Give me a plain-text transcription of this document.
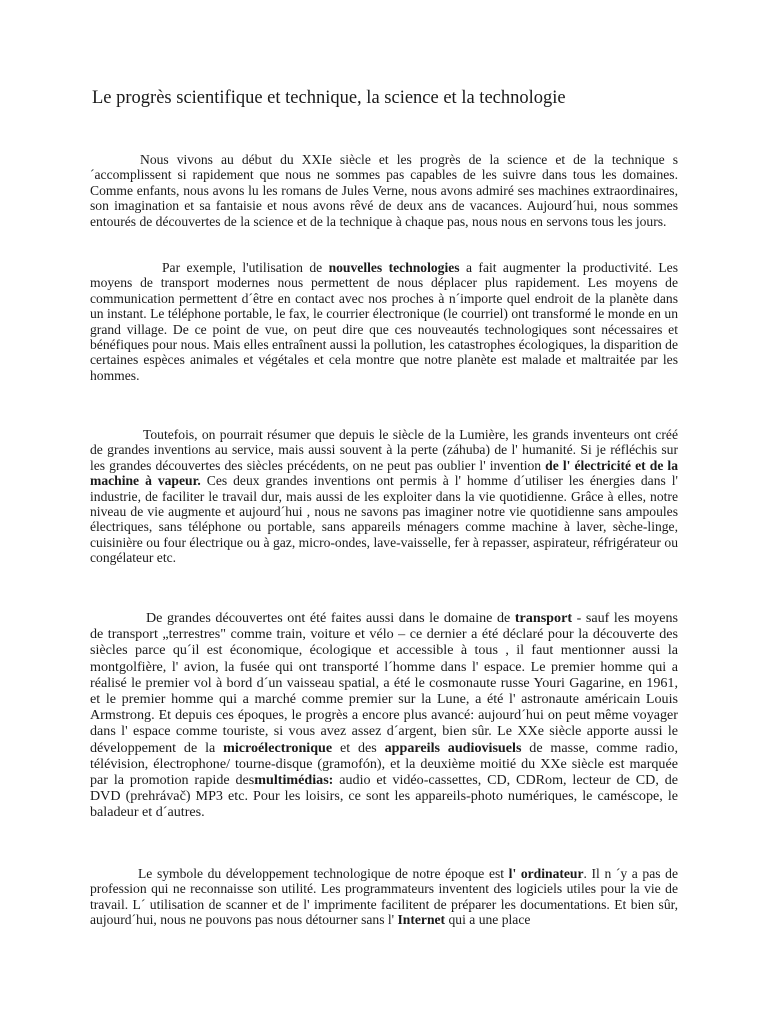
Le progrès scientifique et technique, la science et la technologie

Nous vivons au début du XXIe siècle et les progrès de la science et de la technique s´accomplissent si rapidement que nous ne sommes pas capables de les suivre dans tous les domaines. Comme enfants, nous avons lu les romans de Jules Verne, nous avons admiré ses machines extraordinaires, son imagination et sa fantaisie et nous avons rêvé de deux ans de vacances. Aujourd´hui, nous sommes entourés de découvertes de la science et de la technique à chaque pas, nous nous en servons tous les jours.

Par exemple, l'utilisation de nouvelles technologies a fait augmenter la productivité. Les moyens de transport modernes nous permettent de nous déplacer plus rapidement. Les moyens de communication permettent d´être en contact avec nos proches à n´importe quel endroit de la planète dans un instant. Le téléphone portable, le fax, le courrier électronique (le courriel) ont transformé le monde en un grand village. De ce point de vue, on peut dire que ces nouveautés technologiques sont nécessaires et bénéfiques pour nous. Mais elles entraînent aussi la pollution, les catastrophes écologiques, la disparition de certaines espèces animales et végétales et cela montre que notre planète est malade et maltraitée par les hommes.

Toutefois, on pourrait résumer que depuis le siècle de la Lumière, les grands inventeurs ont créé de grandes inventions au service, mais aussi souvent à la perte (záhuba) de l' humanité. Si je réfléchis sur les grandes découvertes des siècles précédents, on ne peut pas oublier l' invention de l' électricité et de la machine à vapeur. Ces deux grandes inventions ont permis à l' homme d´utiliser les énergies dans l' industrie, de faciliter le travail dur, mais aussi de les exploiter dans la vie quotidienne. Grâce à elles, notre niveau de vie augmente et aujourd´hui , nous ne savons pas imaginer notre vie quotidienne sans ampoules électriques, sans téléphone ou portable, sans appareils ménagers comme machine à laver, sèche-linge, cuisinière ou four électrique ou à gaz, micro-ondes, lave-vaisselle, fer à repasser, aspirateur, réfrigérateur ou congélateur etc.

De grandes découvertes ont été faites aussi dans le domaine de transport - sauf les moyens de transport „terrestres" comme train, voiture et vélo – ce dernier a été déclaré pour la découverte des siècles parce qu´il est économique, écologique et accessible à tous , il faut mentionner aussi la montgolfière, l' avion, la fusée qui ont transporté l´homme dans l' espace. Le premier homme qui a réalisé le premier vol à bord d´un vaisseau spatial, a été le cosmonaute russe Youri Gagarine, en 1961, et le premier homme qui a marché comme premier sur la Lune, a été l' astronaute américain Louis Armstrong. Et depuis ces époques, le progrès a encore plus avancé: aujourd´hui on peut même voyager dans l' espace comme touriste, si vous avez assez d´argent, bien sûr. Le XXe siècle apporte aussi le développement de la microélectronique et des appareils audiovisuels de masse, comme radio, télévision, électrophone/ tourne-disque (gramofón), et la deuxième moitié du XXe siècle est marquée par la promotion rapide desmultimédias: audio et vidéo-cassettes, CD, CDRom, lecteur de CD, de DVD (prehrávač) MP3 etc. Pour les loisirs, ce sont les appareils-photo numériques, le caméscope, le baladeur et d´autres.

Le symbole du développement technologique de notre époque est l' ordinateur. Il n ´y a pas de profession qui ne reconnaisse son utilité. Les programmateurs inventent des logiciels utiles pour la vie de travail. L´ utilisation de scanner et de l' imprimente facilitent de préparer les documentations. Et bien sûr, aujourd´hui, nous ne pouvons pas nous détourner sans l' Internet qui a une place
